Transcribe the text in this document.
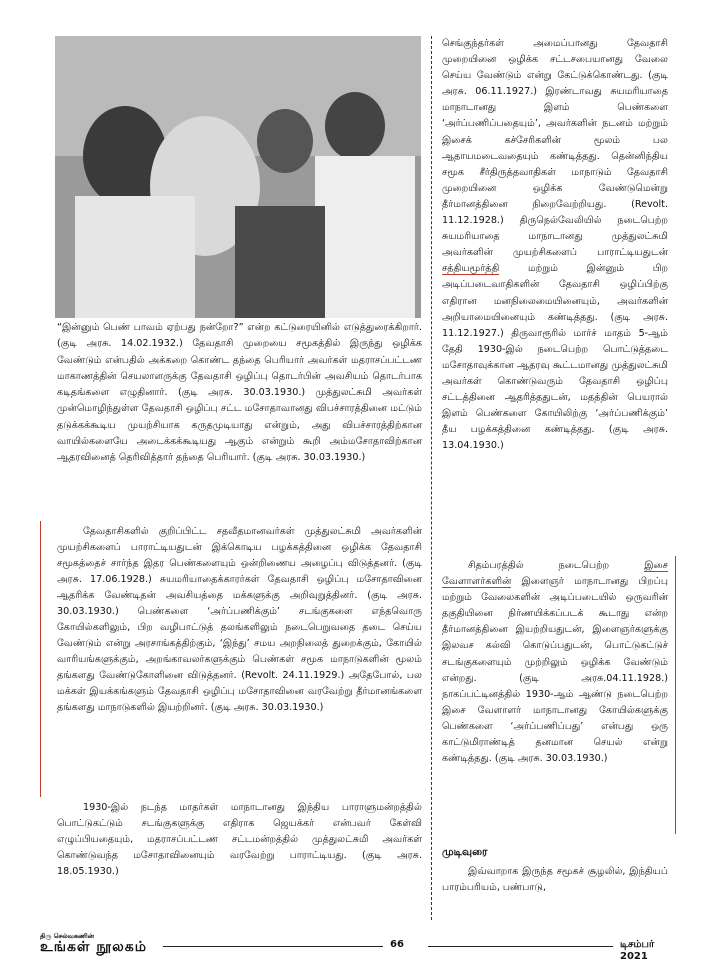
“இன்னும் பெண் பாவம் ஏற்பது நன்றோ?” என்ற கட்டுரையினில் எடுத்துரைக்கிறார். (குடி அரசு. 14.02.1932.) தேவதாசி முறையை சமூகத்தில் இருந்து ஒழிக்க வேண்டும் என்பதில் அக்கறை கொண்ட தந்தை பெரியார் அவர்கள் மதராசப்பட்டண மாகாணத்தின் செயலாளருக்கு தேவதாசி ஒழிப்பு தொடர்பின் அவசியம் தொடர்பாக கடிதங்களை எழுதினார். (குடி அரசு. 30.03.1930.) முத்துலட்சுமி அவர்கள் முன்மொழிந்துள்ள தேவதாசி ஒழிப்பு சட்ட மசோதாவானது விபச்சாரத்தினை மட்டும் தடுக்கக்கூடிய முயற்சியாக கருதமுடியாது என்றும், அது விபச்சாரத்திற்கான வாயில்களையே அடைக்கக்கூடியது ஆகும் என்றும் கூறி அம்மசோதாவிற்கான ஆதரவினைத் தெரிவித்தார் தந்தை பெரியார். (குடி அரசு. 30.03.1930.)

தேவதாசிகளில் குறிப்பிட்ட சதவீதமானவர்கள் முத்துலட்சுமி அவர்களின் முயற்சிகளைப் பாராட்டியதுடன் இக்கொடிய பழக்கத்தினை ஒழிக்க தேவதாசி சமூகத்தைச் சார்ந்த இதர பெண்களையும் ஒன்றிணைய அழைப்பு விடுத்தனர். (குடி அரசு. 17.06.1928.) சுயமரியாதைக்காரர்கள் தேவதாசி ஒழிப்பு மசோதாவினை ஆதரிக்க வேண்டிதன் அவசியத்தை மக்களுக்கு அறிவுறுத்தினர். (குடி அரசு. 30.03.1930.) பெண்களை ‘அர்ப்பணிக்கும்’ சடங்குகளை எந்தவொரு கோயில்களிலும், பிற வழிபாட்டுத் தலங்களிலும் நடைபெறுவதை தடை செய்ய வேண்டும் என்று அரசாங்கத்திற்கும், ‘இந்து’ சமய அறநிலைத் துறைக்கும், கோயில் வாரியங்களுக்கும், அறங்காவலர்களுக்கும் பெண்கள் சமூக மாநாடுகளின் மூலம் தங்களது வேண்டுகோளினை விடுத்தனர். (Revolt. 24.11.1929.) அதேபோல், பல மக்கள் இயக்கங்களும் தேவதாசி ஒழிப்பு மசோதாவினை வரவேற்று தீர்மானங்களை தங்களது மாநாடுகளில் இயற்றினர். (குடி அரசு. 30.03.1930.)

1930-இல் நடந்த மாதர்கள் மாநாடானது இந்திய பாராளுமன்றத்தில் பொட்டுகட்டும் சடங்குகளுக்கு எதிராக ஜெயக்கர் என்பவர் கேள்வி எழுப்பியதையும், மதராசப்பட்டண சட்டமன்றத்தில் முத்துலட்சுமி அவர்கள் கொண்டுவந்த மசோதாவினையும் வரவேற்று பாராட்டியது. (குடி அரசு. 18.05.1930.)

செங்குந்தர்கள் அமைப்பானது தேவதாசி முறையினை ஒழிக்க சட்டசபையானது வேலை செய்ய வேண்டும் என்று கேட்டுக்கொண்டது. (குடி அரசு. 06.11.1927.) இரண்டாவது சுயமரியாதை மாநாடானது இளம் பெண்களை ‘அர்ப்பணிப்பதையும்’, அவர்களின் நடனம் மற்றும் இசைக் கச்சேரிகளின் மூலம் பல ஆதாயமடைவதையும் கண்டித்தது. தென்னிந்திய சமூக சீர்திருத்தவாதிகள் மாநாடும் தேவதாசி முறையினை ஒழிக்க வேண்டுமென்று தீர்மானத்தினை நிறைவேற்றியது. (Revolt. 11.12.1928.) திருநெல்வேலியில் நடைபெற்ற சுயமரியாதை மாநாடானது முத்துலட்சுமி அவர்களின் முயற்சிகளைப் பாராட்டியதுடன் சத்தியமூர்த்தி	மற்றும் இன்னும் பிற அடிப்படைவாதிகளின் தேவதாசி ஒழிப்பிற்கு எதிரான மனநிலைமையினையும், அவர்களின் அறியாமையினையும் கண்டித்தது. (குடி அரசு. 11.12.1927.) திருவாரூரில் மார்ச் மாதம் 5-ஆம் தேதி 1930-இல் நடைபெற்ற பொட்டுத்தடை மசோதாவுக்கான ஆதரவு கூட்டமானது முத்துலட்சுமி அவர்கள் கொண்டுவரும் தேவதாசி ஒழிப்பு சட்டத்தினை ஆதரித்ததுடன், மதத்தின் பெயரால் இளம் பெண்களை கோயிலிற்கு ‘அர்ப்பணிக்கும்’ தீய பழக்கத்தினை கண்டித்தது. (குடி அரசு. 13.04.1930.)

சிதம்பரத்தில் நடைபெற்ற	இசை வேளாளர்களின் இளைஞர் மாநாடானது பிறப்பு மற்றும் வேலைகளின் அடிப்படையில் ஒருவரின் தகுதியினை நிர்ணயிக்கப்படக் கூடாது என்ற தீர்மானத்தினை இயற்றியதுடன், இளைஞர்களுக்கு இலவச கல்வி கொடுப்பதுடன், பொட்டுகட்டுச் சடங்குகளையும் முற்றிலும் ஒழிக்க வேண்டும் என்றது. (குடி அரசு.04.11.1928.) நாகப்பட்டினத்தில் 1930-ஆம் ஆண்டு நடைபெற்ற இசை வேளாளர் மாநாடானது கோயில்களுக்கு பெண்களை ‘அர்ப்பணிப்பது’ என்பது ஒரு காட்டுமிராண்டித் தனமான செயல் என்று கண்டித்தது. (குடி அரசு. 30.03.1930.)

முடிவுரை

இவ்வாறாக இருந்த சமூகச் சூழலில், இந்தியப் பாரம்பரியம், பண்பாடு,

திரு செல்வகணின்
உங்கள் நூலகம்	66	டிசம்பர் 2021
